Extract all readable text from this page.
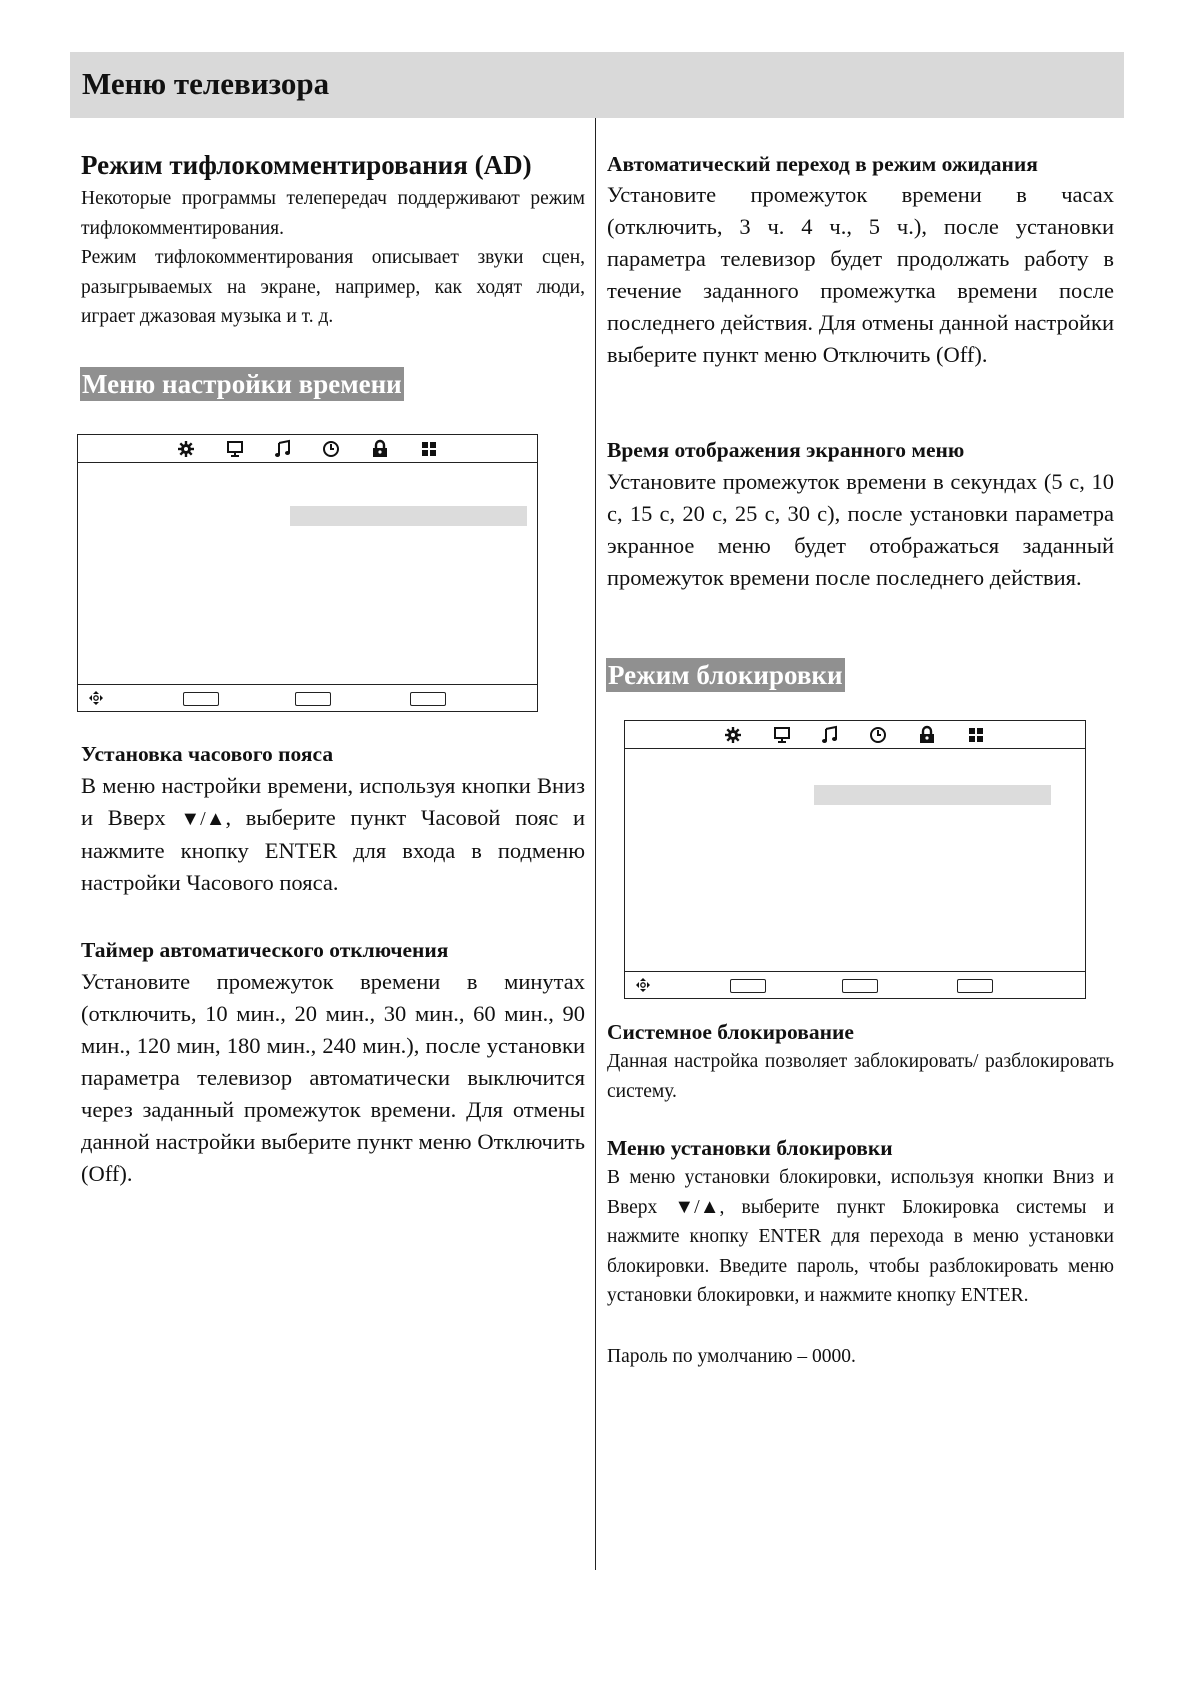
Меню телевизора
Режим тифлокомментирования (AD)

Некоторые программы телепередач поддерживают режим тифлокомментирования.

Режим тифлокомментирования описывает звуки сцен, разыгрываемых на экране, например, как ходят люди, играет джазовая музыка и т. д.

Меню настройки времени
Установка часового пояса

В меню настройки времени, используя кнопки Вниз и Вверх ▼/▲, выберите пункт Часовой пояс и нажмите кнопку ENTER для входа в подменю настройки Часового пояса.

Таймер автоматического отключения

Установите промежуток времени в минутах (отключить, 10 мин., 20 мин., 30 мин., 60 мин., 90 мин., 120 мин, 180 мин., 240 мин.), после установки параметра телевизор автоматически выключится через заданный промежуток времени. Для отмены данной настройки выберите пункт меню Отключить (Off).

Автоматический переход в режим ожидания

Установите промежуток времени в часах (отключить, 3 ч. 4 ч., 5 ч.), после установки параметра телевизор будет продолжать работу в течение заданного промежутка времени после последнего действия. Для отмены данной настройки выберите пункт меню Отключить (Off).

Время отображения экранного меню

Установите промежуток времени в секундах (5 с, 10 с, 15 с, 20 с, 25 с, 30 с), после установки параметра экранное меню будет отображаться заданный промежуток времени после последнего действия.

Режим блокировки
Системное блокирование

Данная настройка позволяет заблокировать/ разблокировать систему.

Меню установки блокировки

В меню установки блокировки, используя кнопки Вниз и Вверх ▼/▲, выберите пункт Блокировка системы и нажмите кнопку ENTER для перехода в меню установки блокировки. Введите пароль, чтобы разблокировать меню установки блокировки, и нажмите кнопку ENTER.

Пароль по умолчанию – 0000.
